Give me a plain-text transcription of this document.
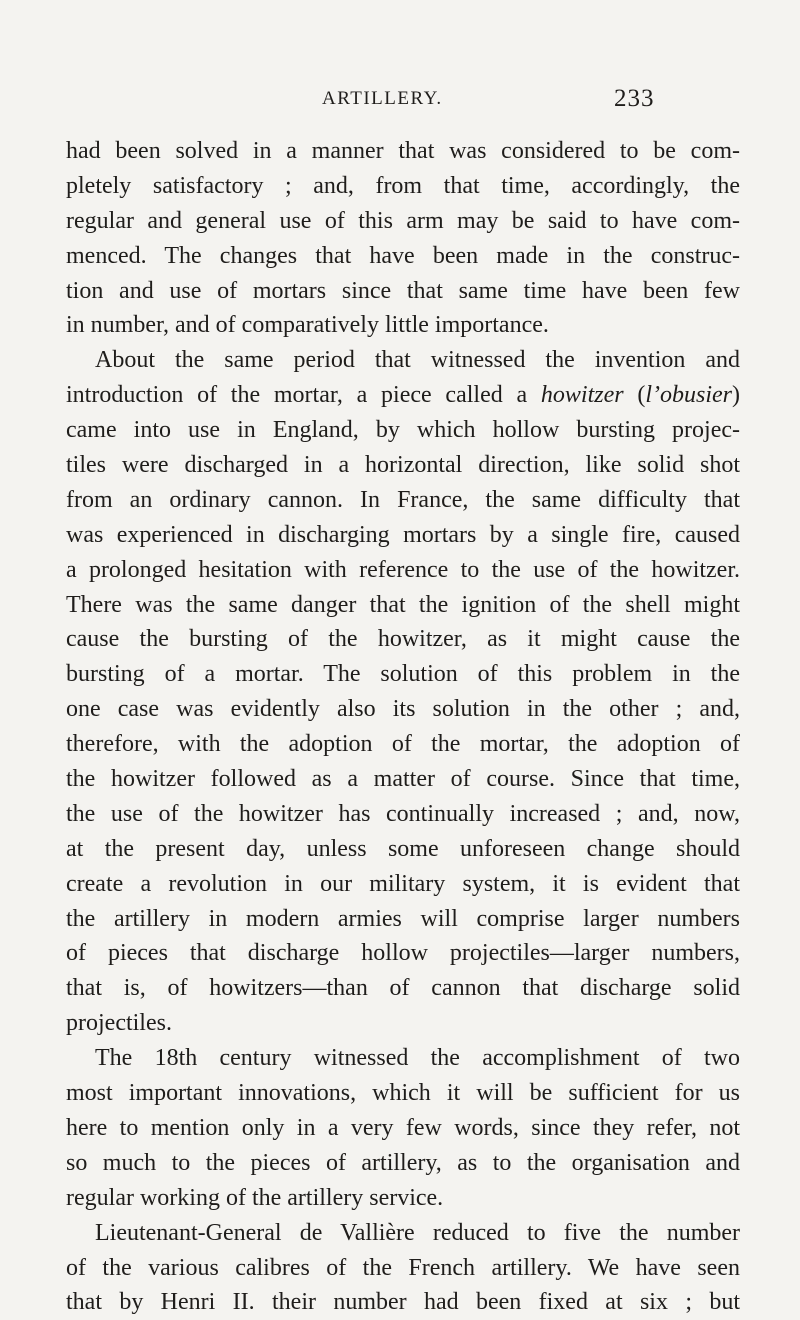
ARTILLERY.	233
had been solved in a manner that was considered to be com-
pletely satisfactory ; and, from that time, accordingly, the
regular and general use of this arm may be said to have com-
menced. The changes that have been made in the construc-
tion and use of mortars since that same time have been few
in number, and of comparatively little importance.
About the same period that witnessed the invention and
introduction of the mortar, a piece called a howitzer (l’obusier)
came into use in England, by which hollow bursting projec-
tiles were discharged in a horizontal direction, like solid shot
from an ordinary cannon. In France, the same difficulty that
was experienced in discharging mortars by a single fire, caused
a prolonged hesitation with reference to the use of the howitzer.
There was the same danger that the ignition of the shell might
cause the bursting of the howitzer, as it might cause the
bursting of a mortar. The solution of this problem in the
one case was evidently also its solution in the other ; and,
therefore, with the adoption of the mortar, the adoption of
the howitzer followed as a matter of course. Since that time,
the use of the howitzer has continually increased ; and, now,
at the present day, unless some unforeseen change should
create a revolution in our military system, it is evident that
the artillery in modern armies will comprise larger numbers
of pieces that discharge hollow projectiles—larger numbers,
that is, of howitzers—than of cannon that discharge solid
projectiles.
The 18th century witnessed the accomplishment of two
most important innovations, which it will be sufficient for us
here to mention only in a very few words, since they refer, not
so much to the pieces of artillery, as to the organisation and
regular working of the artillery service.
Lieutenant-General de Vallière reduced to five the number
of the various calibres of the French artillery. We have seen
that by Henri II. their number had been fixed at six ; but
